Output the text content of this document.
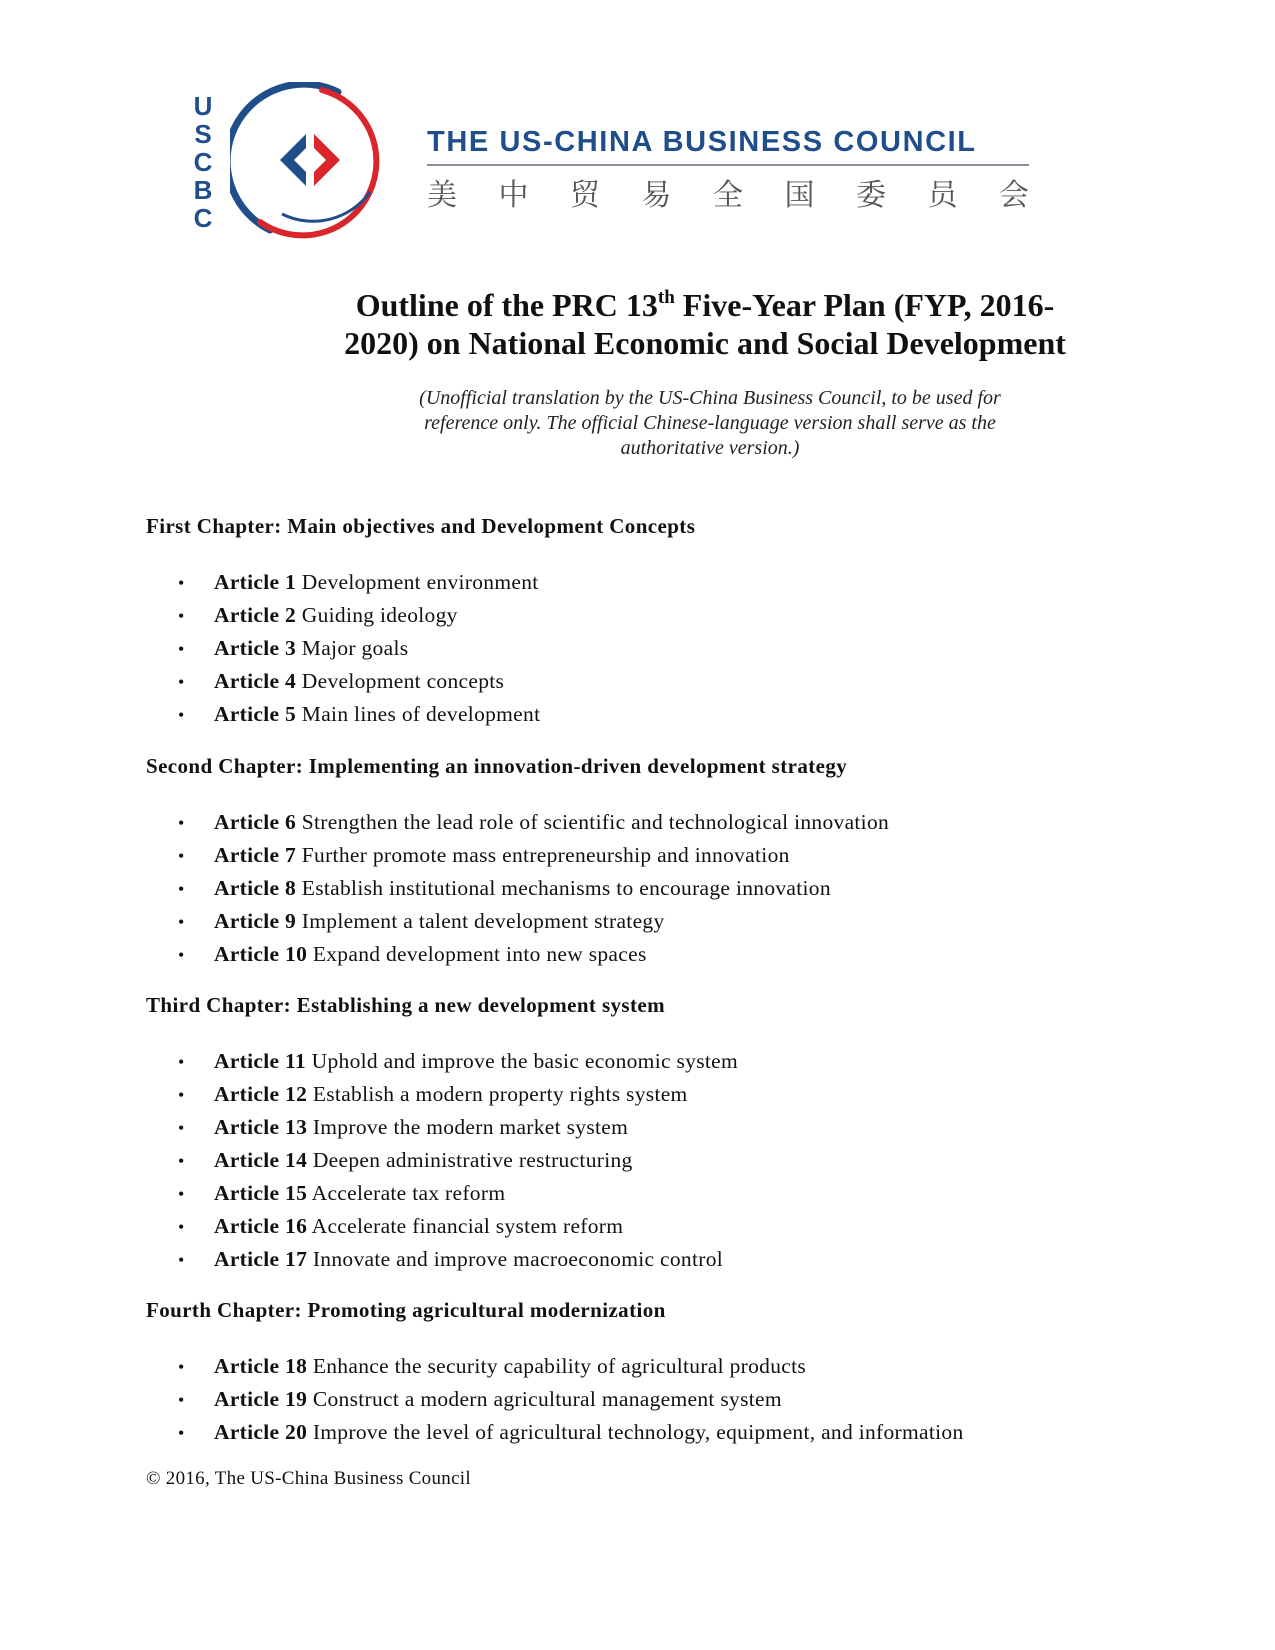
U
S
C
B
C
THE US-CHINA BUSINESS COUNCIL
美 中 贸 易 全 国 委 员 会
Outline of the PRC 13th Five-Year Plan (FYP, 2016-
2020) on National Economic and Social Development
(Unofficial translation by the US-China Business Council, to be used for
reference only. The official Chinese-language version shall serve as the
authoritative version.)
First Chapter: Main objectives and Development Concepts
• Article 1 Development environment
• Article 2 Guiding ideology
• Article 3 Major goals
• Article 4 Development concepts
• Article 5 Main lines of development
Second Chapter: Implementing an innovation-driven development strategy
• Article 6 Strengthen the lead role of scientific and technological innovation
• Article 7 Further promote mass entrepreneurship and innovation
• Article 8 Establish institutional mechanisms to encourage innovation
• Article 9 Implement a talent development strategy
• Article 10 Expand development into new spaces
Third Chapter: Establishing a new development system
• Article 11 Uphold and improve the basic economic system
• Article 12 Establish a modern property rights system
• Article 13 Improve the modern market system
• Article 14 Deepen administrative restructuring
• Article 15 Accelerate tax reform
• Article 16 Accelerate financial system reform
• Article 17 Innovate and improve macroeconomic control
Fourth Chapter: Promoting agricultural modernization
• Article 18 Enhance the security capability of agricultural products
• Article 19 Construct a modern agricultural management system
• Article 20 Improve the level of agricultural technology, equipment, and information
© 2016, The US-China Business Council
